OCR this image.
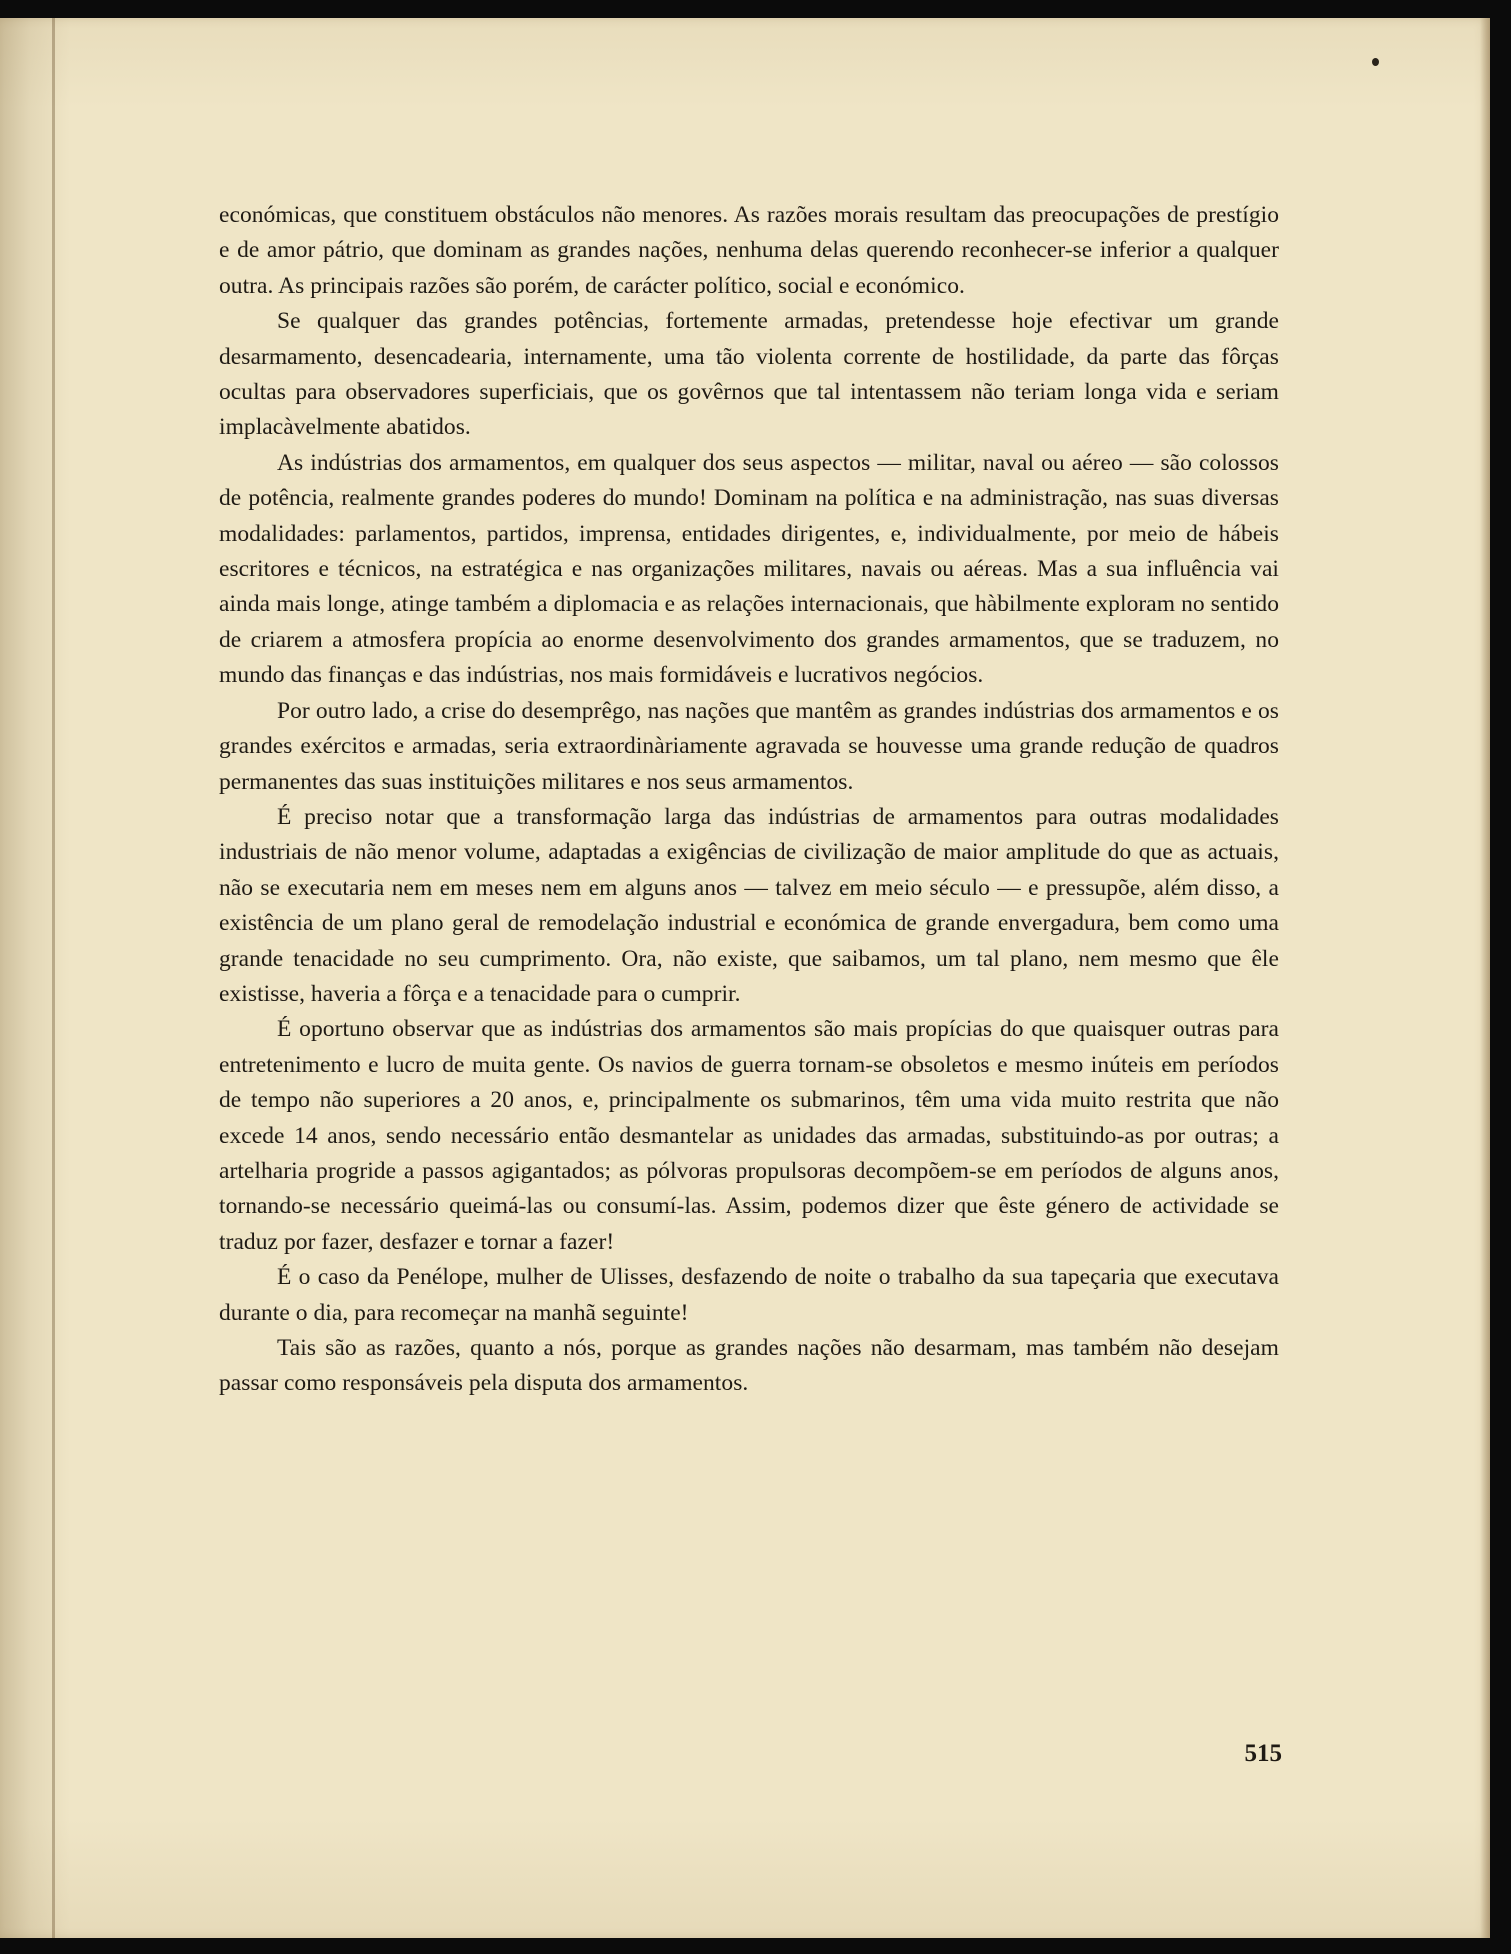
económicas, que constituem obstáculos não menores. As razões morais resultam das preocupações de prestígio e de amor pátrio, que dominam as grandes nações, nenhuma delas querendo reconhecer-se inferior a qualquer outra. As principais razões são porém, de carácter político, social e económico.

Se qualquer das grandes potências, fortemente armadas, pretendesse hoje efectivar um grande desarmamento, desencadearia, internamente, uma tão violenta corrente de hostilidade, da parte das fôrças ocultas para observadores superficiais, que os govêrnos que tal intentassem não teriam longa vida e seriam implacàvelmente abatidos.

As indústrias dos armamentos, em qualquer dos seus aspectos — militar, naval ou aéreo — são colossos de potência, realmente grandes poderes do mundo! Dominam na política e na administração, nas suas diversas modalidades: parlamentos, partidos, imprensa, entidades dirigentes, e, individualmente, por meio de hábeis escritores e técnicos, na estratégica e nas organizações militares, navais ou aéreas. Mas a sua influência vai ainda mais longe, atinge também a diplomacia e as relações internacionais, que hàbilmente exploram no sentido de criarem a atmosfera propícia ao enorme desenvolvimento dos grandes armamentos, que se traduzem, no mundo das finanças e das indústrias, nos mais formidáveis e lucrativos negócios.

Por outro lado, a crise do desemprêgo, nas nações que mantêm as grandes indústrias dos armamentos e os grandes exércitos e armadas, seria extraordinàriamente agravada se houvesse uma grande redução de quadros permanentes das suas instituições militares e nos seus armamentos.

É preciso notar que a transformação larga das indústrias de armamentos para outras modalidades industriais de não menor volume, adaptadas a exigências de civilização de maior amplitude do que as actuais, não se executaria nem em meses nem em alguns anos — talvez em meio século — e pressupõe, além disso, a existência de um plano geral de remodelação industrial e económica de grande envergadura, bem como uma grande tenacidade no seu cumprimento. Ora, não existe, que saibamos, um tal plano, nem mesmo que êle existisse, haveria a fôrça e a tenacidade para o cumprir.

É oportuno observar que as indústrias dos armamentos são mais propícias do que quaisquer outras para entretenimento e lucro de muita gente. Os navios de guerra tornam-se obsoletos e mesmo inúteis em períodos de tempo não superiores a 20 anos, e, principalmente os submarinos, têm uma vida muito restrita que não excede 14 anos, sendo necessário então desmantelar as unidades das armadas, substituindo-as por outras; a artelharia progride a passos agigantados; as pólvoras propulsoras decompõem-se em períodos de alguns anos, tornando-se necessário queimá-las ou consumí-las. Assim, podemos dizer que êste género de actividade se traduz por fazer, desfazer e tornar a fazer!

É o caso da Penélope, mulher de Ulisses, desfazendo de noite o trabalho da sua tapeçaria que executava durante o dia, para recomeçar na manhã seguinte!

Tais são as razões, quanto a nós, porque as grandes nações não desarmam, mas também não desejam passar como responsáveis pela disputa dos armamentos.

515
